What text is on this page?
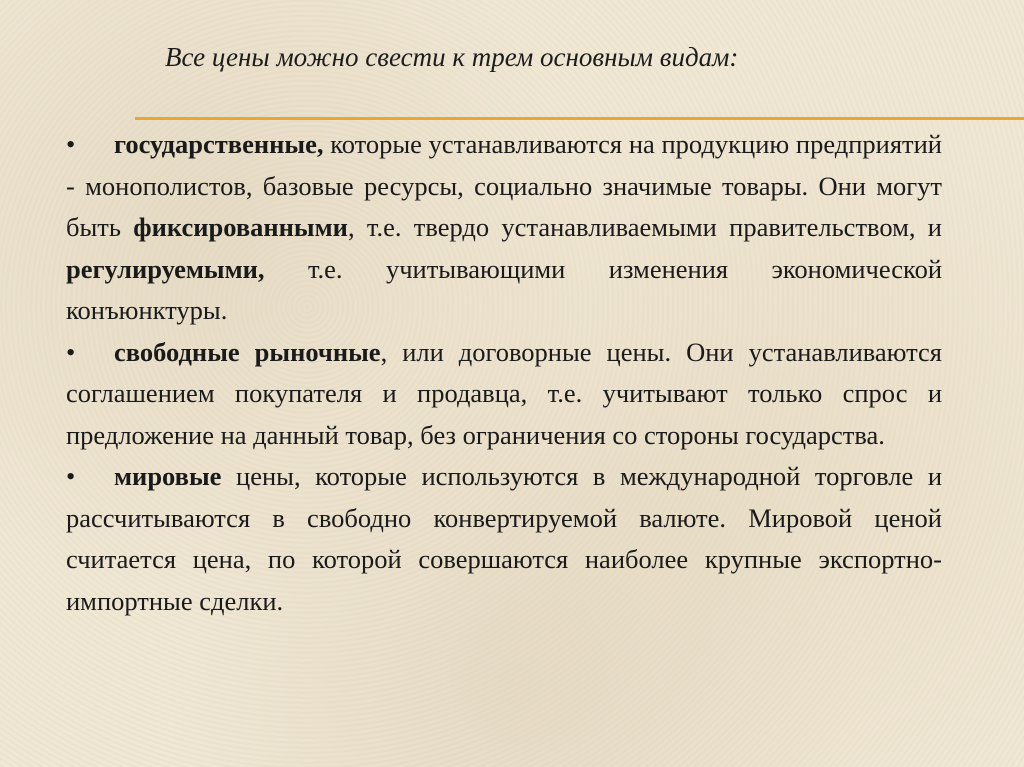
Все цены можно свести к трем основным видам:

• государственные, которые устанавливаются на продукцию предприятий - монополистов, базовые ресурсы, социально значимые товары. Они могут быть фиксированными, т.е. твердо устанавливаемыми правительством, и регулируемыми, т.е. учитывающими изменения экономической конъюнктуры.

• свободные рыночные, или договорные цены. Они устанавливаются соглашением покупателя и продавца, т.е. учитывают только спрос и предложение на данный товар, без ограничения со стороны государства.

• мировые цены, которые используются в международной торговле и рассчитываются в свободно конвертируемой валюте. Мировой ценой считается цена, по которой совершаются наиболее крупные экспортно-импортные сделки.
